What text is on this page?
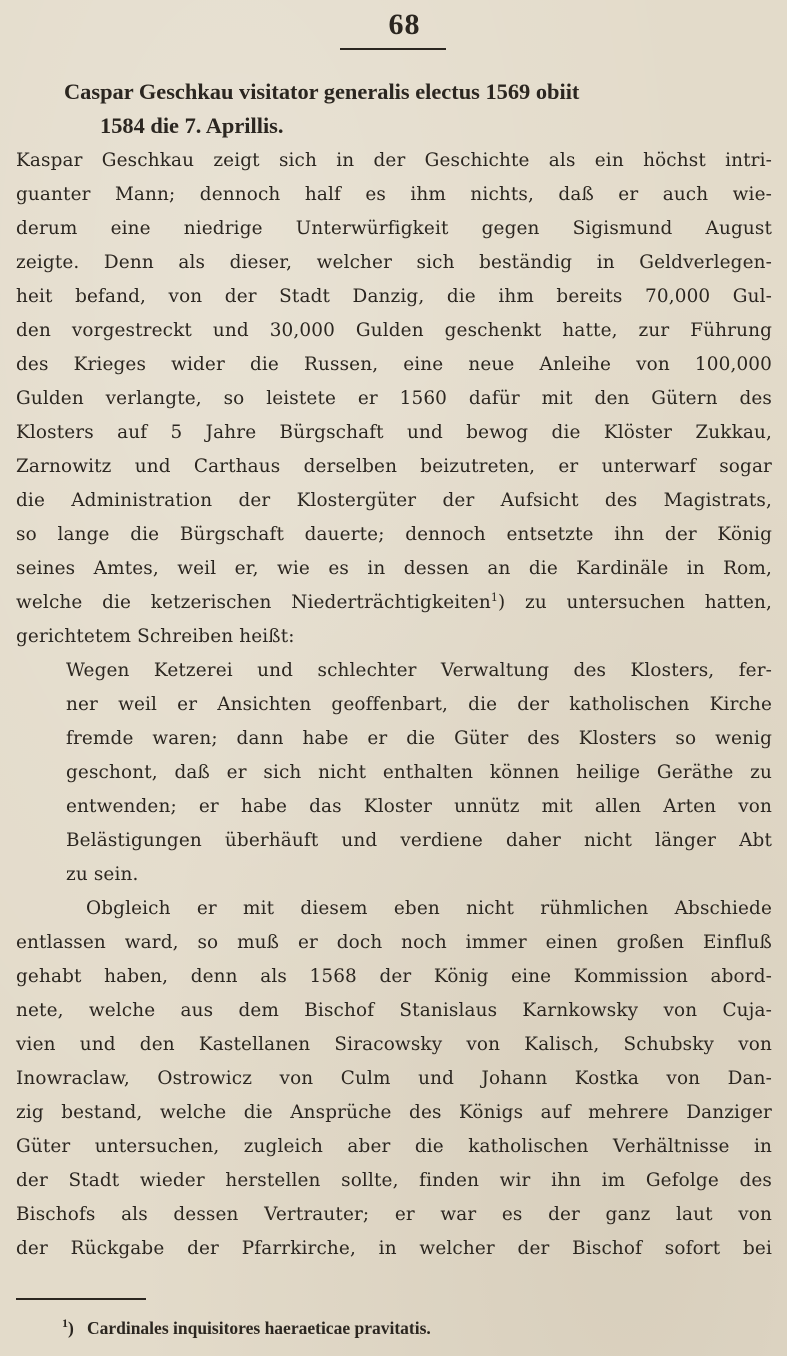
68
Caspar Geschkau visitator generalis electus 1569 obiit
1584 die 7. Aprillis.
Kaspar Geschkau zeigt sich in der Geschichte als ein höchst intri-
guanter Mann; dennoch half es ihm nichts, daß er auch wie-
derum eine niedrige Unterwürfigkeit gegen Sigismund August
zeigte. Denn als dieser, welcher sich beständig in Geldverlegen-
heit befand, von der Stadt Danzig, die ihm bereits 70,000 Gul-
den vorgestreckt und 30,000 Gulden geschenkt hatte, zur Führung
des Krieges wider die Russen, eine neue Anleihe von 100,000
Gulden verlangte, so leistete er 1560 dafür mit den Gütern des
Klosters auf 5 Jahre Bürgschaft und bewog die Klöster Zukkau,
Zarnowitz und Carthaus derselben beizutreten, er unterwarf sogar
die Administration der Klostergüter der Aufsicht des Magistrats,
so lange die Bürgschaft dauerte; dennoch entsetzte ihn der König
seines Amtes, weil er, wie es in dessen an die Kardinäle in Rom,
welche die ketzerischen Niederträchtigkeiten$^1$) zu untersuchen hatten,
gerichtetem Schreiben heißt:
Wegen Ketzerei und schlechter Verwaltung des Klosters, fer-
ner weil er Ansichten geoffenbart, die der katholischen Kirche
fremde waren; dann habe er die Güter des Klosters so wenig
geschont, daß er sich nicht enthalten können heilige Geräthe zu
entwenden; er habe das Kloster unnütz mit allen Arten von
Belästigungen überhäuft und verdiene daher nicht länger Abt
zu sein.
Obgleich er mit diesem eben nicht rühmlichen Abschiede
entlassen ward, so muß er doch noch immer einen großen Einfluß
gehabt haben, denn als 1568 der König eine Kommission abord-
nete, welche aus dem Bischof Stanislaus Karnkowsky von Cuja-
vien und den Kastellanen Siracowsky von Kalisch, Schubsky von
Inowraclaw, Ostrowicz von Culm und Johann Kostka von Dan-
zig bestand, welche die Ansprüche des Königs auf mehrere Danziger
Güter untersuchen, zugleich aber die katholischen Verhältnisse in
der Stadt wieder herstellen sollte, finden wir ihn im Gefolge des
Bischofs als dessen Vertrauter; er war es der ganz laut von
der Rückgabe der Pfarrkirche, in welcher der Bischof sofort bei
$^1$) Cardinales inquisitores haeraeticae pravitatis.
